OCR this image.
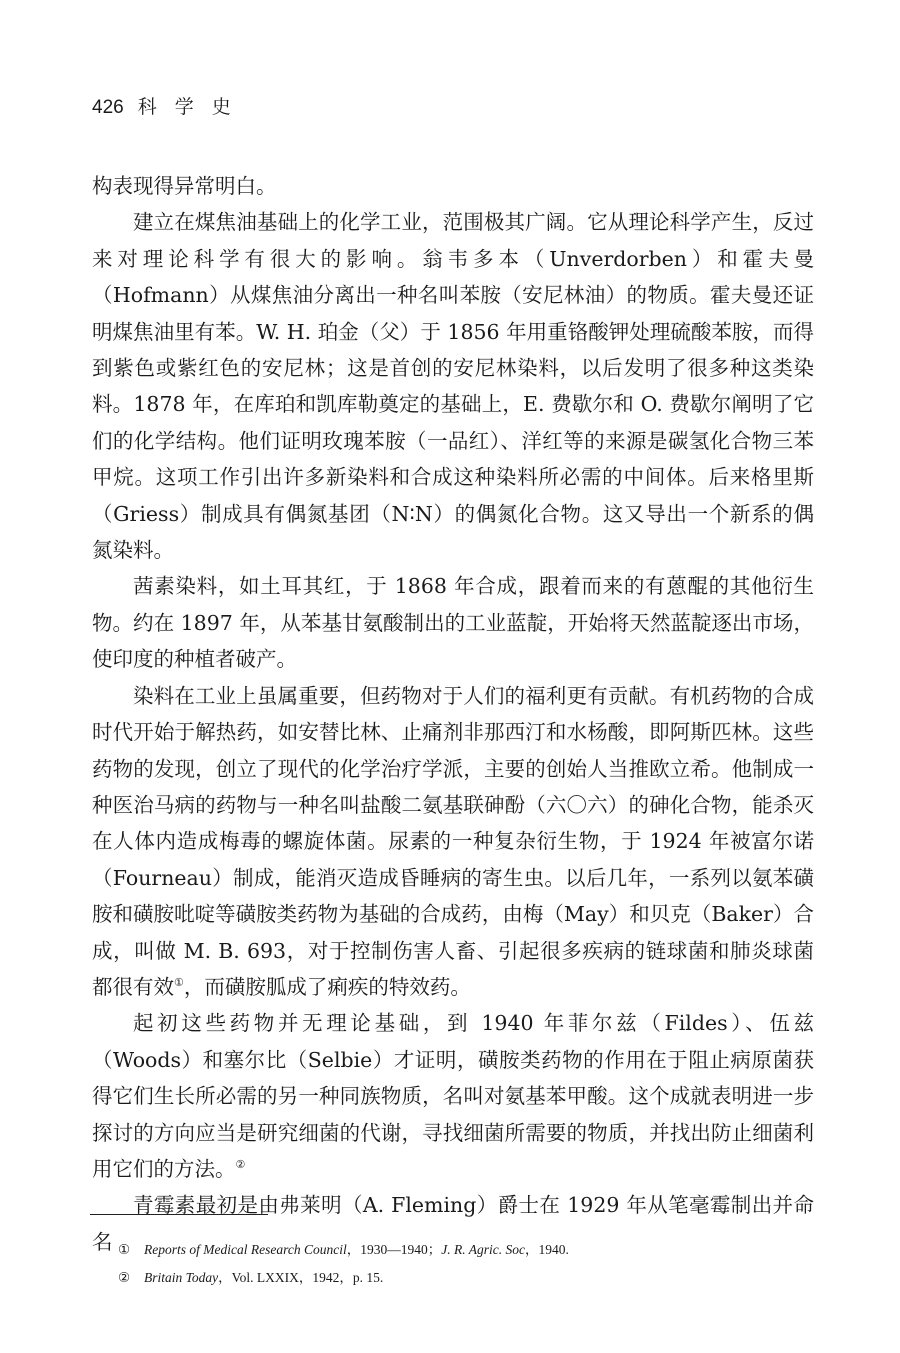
426 科学史

构表现得异常明白。

建立在煤焦油基础上的化学工业，范围极其广阔。它从理论科学产生，反过来对理论科学有很大的影响。翁韦多本（Unverdorben）和霍夫曼（Hofmann）从煤焦油分离出一种名叫苯胺（安尼林油）的物质。霍夫曼还证明煤焦油里有苯。W. H. 珀金（父）于 1856 年用重铬酸钾处理硫酸苯胺，而得到紫色或紫红色的安尼林；这是首创的安尼林染料，以后发明了很多种这类染料。1878 年，在库珀和凯库勒奠定的基础上，E. 费歇尔和 O. 费歇尔阐明了它们的化学结构。他们证明玫瑰苯胺（一品红）、洋红等的来源是碳氢化合物三苯甲烷。这项工作引出许多新染料和合成这种染料所必需的中间体。后来格里斯（Griess）制成具有偶氮基团（N∶N）的偶氮化合物。这又导出一个新系的偶氮染料。

茜素染料，如土耳其红，于 1868 年合成，跟着而来的有蒽醌的其他衍生物。约在 1897 年，从苯基甘氨酸制出的工业蓝靛，开始将天然蓝靛逐出市场，使印度的种植者破产。

染料在工业上虽属重要，但药物对于人们的福利更有贡献。有机药物的合成时代开始于解热药，如安替比林、止痛剂非那西汀和水杨酸，即阿斯匹林。这些药物的发现，创立了现代的化学治疗学派，主要的创始人当推欧立希。他制成一种医治马病的药物与一种名叫盐酸二氨基联砷酚（六〇六）的砷化合物，能杀灭在人体内造成梅毒的螺旋体菌。尿素的一种复杂衍生物，于 1924 年被富尔诺（Fourneau）制成，能消灭造成昏睡病的寄生虫。以后几年，一系列以氨苯磺胺和磺胺吡啶等磺胺类药物为基础的合成药，由梅（May）和贝克（Baker）合成，叫做 M. B. 693，对于控制伤害人畜、引起很多疾病的链球菌和肺炎球菌都很有效①，而磺胺胍成了痢疾的特效药。

起初这些药物并无理论基础，到 1940 年菲尔兹（Fildes）、伍兹（Woods）和塞尔比（Selbie）才证明，磺胺类药物的作用在于阻止病原菌获得它们生长所必需的另一种同族物质，名叫对氨基苯甲酸。这个成就表明进一步探讨的方向应当是研究细菌的代谢，寻找细菌所需要的物质，并找出防止细菌利用它们的方法。②

青霉素最初是由弗莱明（A. Fleming）爵士在 1929 年从笔毫霉制出并命名 ①	Reports of Medical Research Council，1930—1940；J. R. Agric. Soc，1940.
②	Britain Today，Vol. LXXIX，1942，p. 15.
